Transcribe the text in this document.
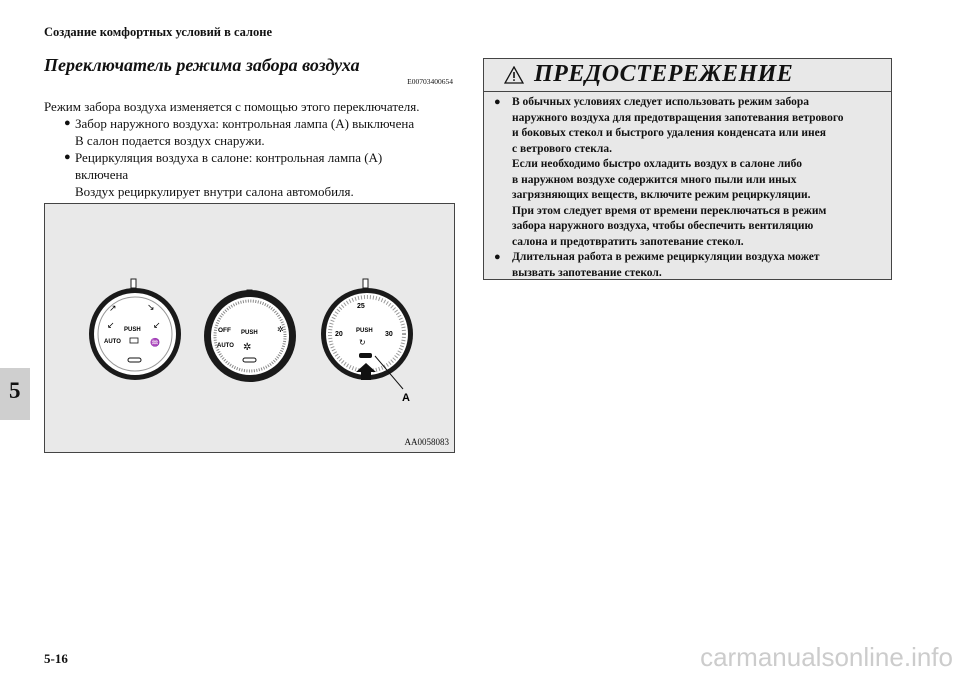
Создание комфортных условий в салоне
5
Переключатель режима забора воздуха
E00703400654

Режим забора воздуха изменяется с помощью этого переключателя.

● Забор наружного воздуха: контрольная лампа (А) выключена

В салон подается воздух снаружи.

● Рециркуляция воздуха в салоне: контрольная лампа (А)

включена

Воздух рециркулирует внутри салона автомобиля.

PUSH
AUTO
↗	↘
↙	↙
♒
OFF PUSH
AUTO ✲
✲
25
20	30
PUSH
↻
A
AA0058083
ПРЕДОСТЕРЕЖЕНИЕ
● В обычных условиях следует использовать режим забора

наружного воздуха для предотвращения запотевания ветрового

и боковых стекол и быстрого удаления конденсата или инея

с ветрового стекла.

Если необходимо быстро охладить воздух в салоне либо

в наружном воздухе содержится много пыли или иных

загрязняющих веществ, включите режим рециркуляции.

При этом следует время от времени переключаться в режим

забора наружного воздуха, чтобы обеспечить вентиляцию

салона и предотвратить запотевание стекол.

● Длительная работа в режиме рециркуляции воздуха может

вызвать запотевание стекол.

5-16	carmanualsonline.info
